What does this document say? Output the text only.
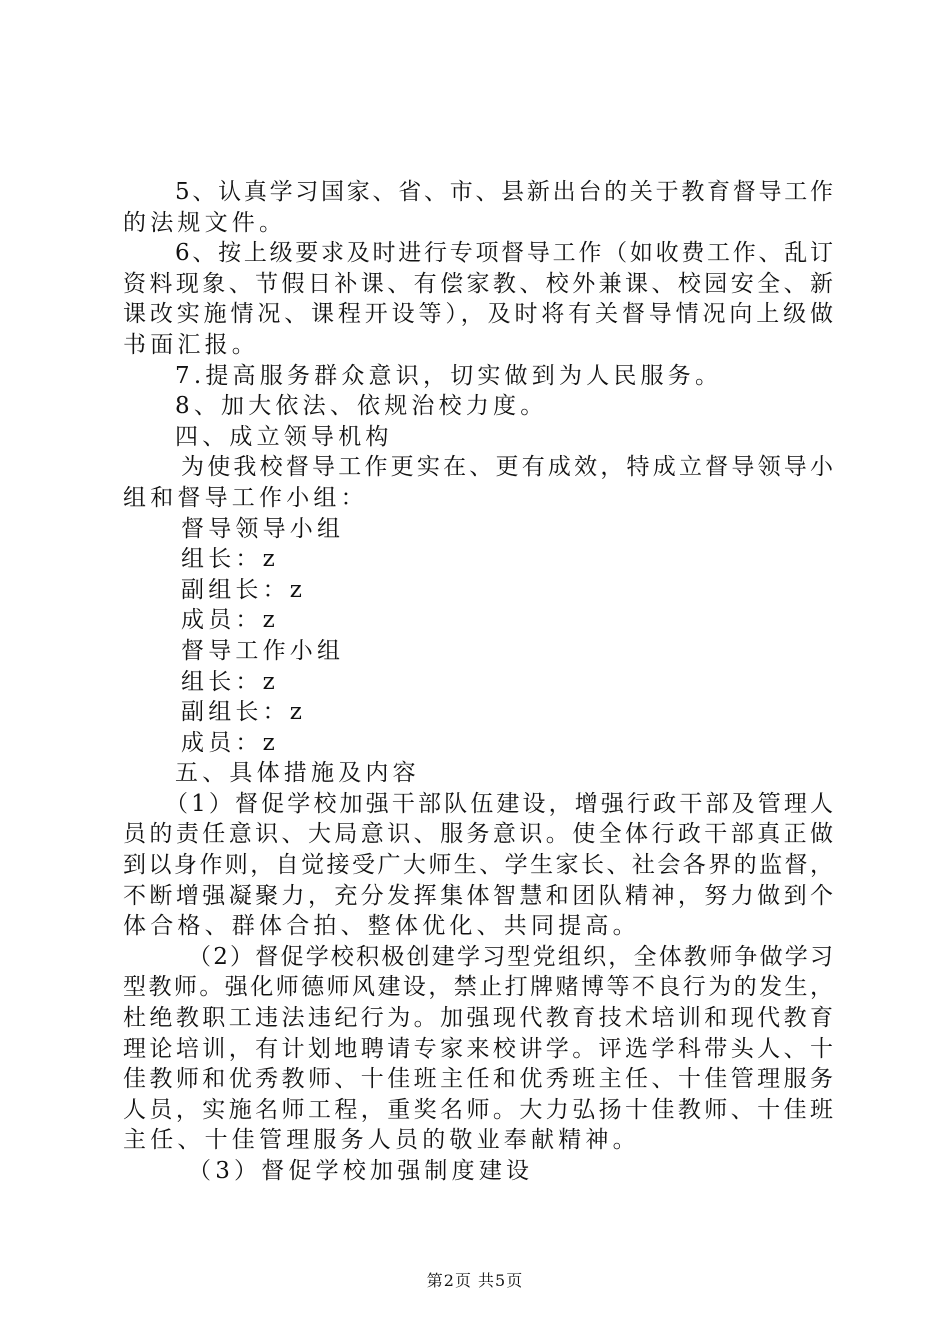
5、认真学习国家、省、市、县新出台的关于教育督导工作
的法规文件。
6、按上级要求及时进行专项督导工作（如收费工作、乱订
资料现象、节假日补课、有偿家教、校外兼课、校园安全、新
课改实施情况、课程开设等），及时将有关督导情况向上级做
书面汇报。
7.提高服务群众意识，切实做到为人民服务。
8、加大依法、依规治校力度。
四、成立领导机构
为使我校督导工作更实在、更有成效，特成立督导领导小
组和督导工作小组：
督导领导小组
组长：z
副组长：z
成员：z
督导工作小组
组长：z
副组长：z
成员：z
五、具体措施及内容
（1）督促学校加强干部队伍建设，增强行政干部及管理人
员的责任意识、大局意识、服务意识。使全体行政干部真正做
到以身作则，自觉接受广大师生、学生家长、社会各界的监督，
不断增强凝聚力，充分发挥集体智慧和团队精神，努力做到个
体合格、群体合拍、整体优化、共同提高。
（2）督促学校积极创建学习型党组织，全体教师争做学习
型教师。强化师德师风建设，禁止打牌赌博等不良行为的发生，
杜绝教职工违法违纪行为。加强现代教育技术培训和现代教育
理论培训，有计划地聘请专家来校讲学。评选学科带头人、十
佳教师和优秀教师、十佳班主任和优秀班主任、十佳管理服务
人员，实施名师工程，重奖名师。大力弘扬十佳教师、十佳班
主任、十佳管理服务人员的敬业奉献精神。
（3）督促学校加强制度建设
第2页 共5页
